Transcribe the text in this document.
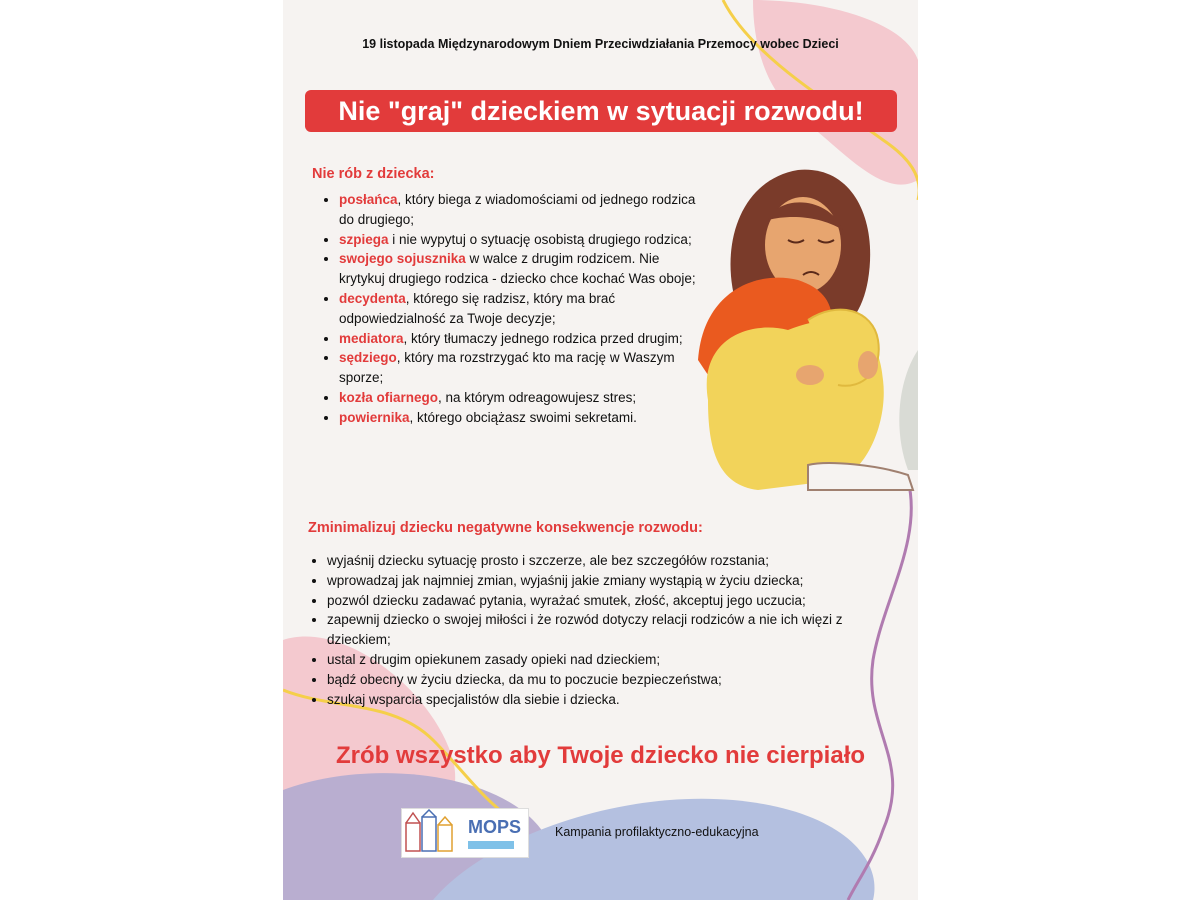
19 listopada Międzynarodowym Dniem Przeciwdziałania Przemocy wobec Dzieci
Nie "graj" dzieckiem w sytuacji rozwodu!
Nie rób z dziecka:
• posłańca, który biega z wiadomościami od jednego rodzica do drugiego;
• szpiega i nie wypytuj o sytuację osobistą drugiego rodzica;
• swojego sojusznika w walce z drugim rodzicem. Nie krytykuj drugiego rodzica - dziecko chce kochać Was oboje;
• decydenta, którego się radzisz, który ma brać odpowiedzialność za Twoje decyzje;
• mediatora, który tłumaczy jednego rodzica przed drugim;
• sędziego, który ma rozstrzygać kto ma rację w Waszym sporze;
• kozła ofiarnego, na którym odreagowujesz stres;
• powiernika, którego obciążasz swoimi sekretami.
Zminimalizuj dziecku negatywne konsekwencje rozwodu:
• wyjaśnij dziecku sytuację prosto i szczerze, ale bez szczegółów rozstania;
• wprowadzaj jak najmniej zmian, wyjaśnij jakie zmiany wystąpią w życiu dziecka;
• pozwól dziecku zadawać pytania, wyrażać smutek, złość, akceptuj jego uczucia;
• zapewnij dziecko o swojej miłości i że rozwód dotyczy relacji rodziców a nie ich więzi z dzieckiem;
• ustal z drugim opiekunem zasady opieki nad dzieckiem;
• bądź obecny w życiu dziecka, da mu to poczucie bezpieczeństwa;
• szukaj wsparcia specjalistów dla siebie i dziecka.
Zrób wszystko aby Twoje dziecko nie cierpiało
MOPS	Kampania profilaktyczno-edukacyjna
